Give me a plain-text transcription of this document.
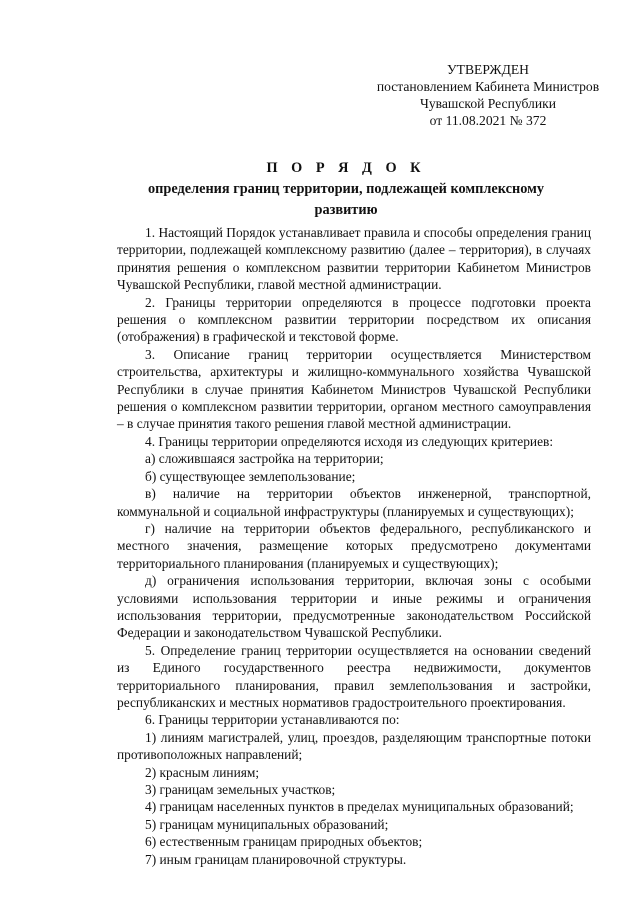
УТВЕРЖДЕН
постановлением Кабинета Министров
Чувашской Республики
от 11.08.2021 № 372
П О Р Я Д О К
определения границ территории, подлежащей комплексному развитию

1. Настоящий Порядок устанавливает правила и способы определения границ территории, подлежащей комплексному развитию (далее – территория), в случаях принятия решения о комплексном развитии территории Кабинетом Министров Чувашской Республики, главой местной администрации.

2. Границы территории определяются в процессе подготовки проекта решения о комплексном развитии территории посредством их описания (отображения) в графической и текстовой форме.

3. Описание границ территории осуществляется Министерством строительства, архитектуры и жилищно-коммунального хозяйства Чувашской Республики в случае принятия Кабинетом Министров Чувашской Республики решения о комплексном развитии территории, органом местного самоуправления – в случае принятия такого решения главой местной администрации.

4. Границы территории определяются исходя из следующих критериев:

а) сложившаяся застройка на территории;

б) существующее землепользование;

в) наличие на территории объектов инженерной, транспортной, коммунальной и социальной инфраструктуры (планируемых и существующих);

г) наличие на территории объектов федерального, республиканского и местного значения, размещение которых предусмотрено документами территориального планирования (планируемых и существующих);

д) ограничения использования территории, включая зоны с особыми условиями использования территории и иные режимы и ограничения использования территории, предусмотренные законодательством Российской Федерации и законодательством Чувашской Республики.

5. Определение границ территории осуществляется на основании сведений из Единого государственного реестра недвижимости, документов территориального планирования, правил землепользования и застройки, республиканских и местных нормативов градостроительного проектирования.

6. Границы территории устанавливаются по:

1) линиям магистралей, улиц, проездов, разделяющим транспортные потоки противоположных направлений;

2) красным линиям;

3) границам земельных участков;

4) границам населенных пунктов в пределах муниципальных образований;

5) границам муниципальных образований;

6) естественным границам природных объектов;

7) иным границам планировочной структуры.
